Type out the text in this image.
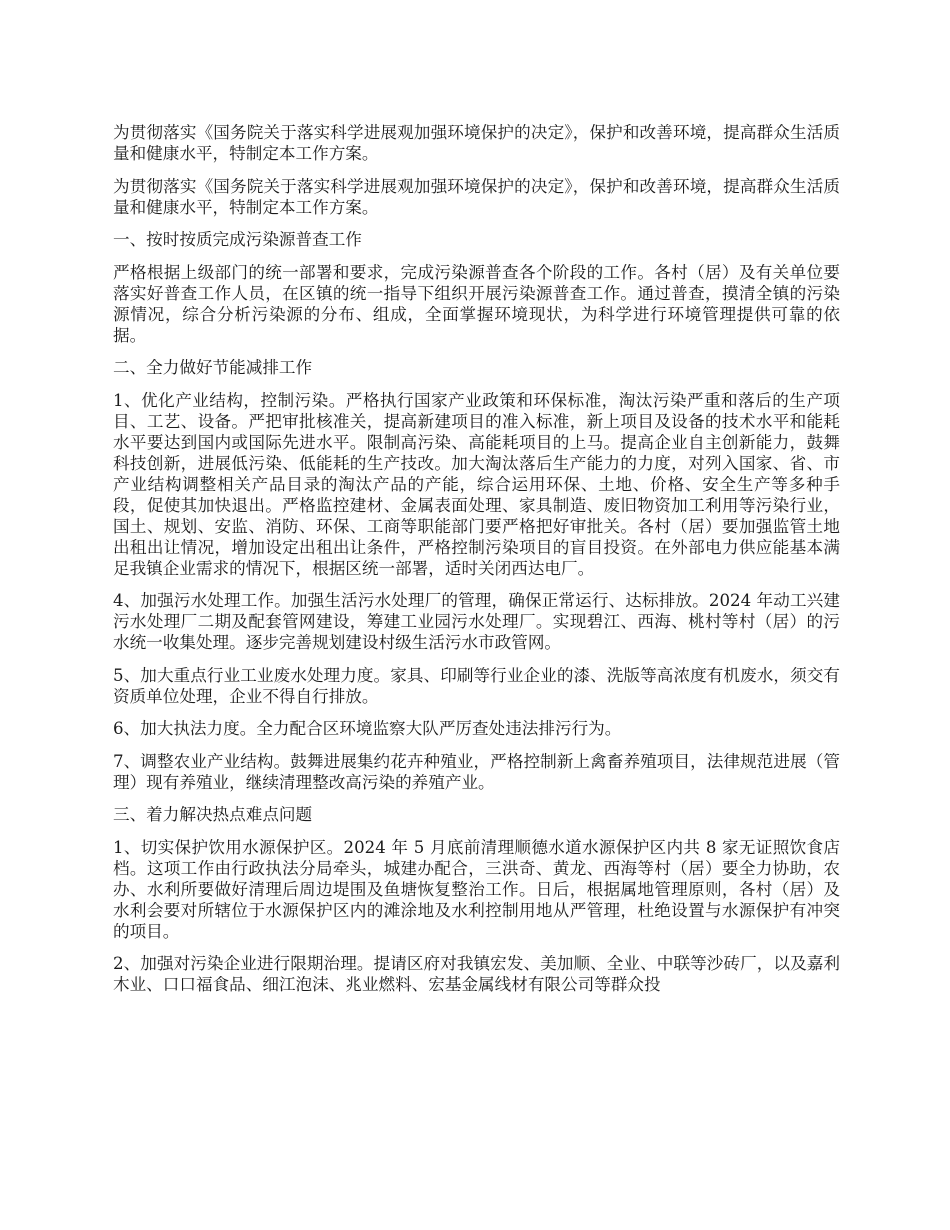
为贯彻落实《国务院关于落实科学进展观加强环境保护的决定》，保护和改善环境，提高群众生活质量和健康水平，特制定本工作方案。

为贯彻落实《国务院关于落实科学进展观加强环境保护的决定》，保护和改善环境，提高群众生活质量和健康水平，特制定本工作方案。

一、按时按质完成污染源普查工作

严格根据上级部门的统一部署和要求，完成污染源普查各个阶段的工作。各村（居）及有关单位要落实好普查工作人员，在区镇的统一指导下组织开展污染源普查工作。通过普查，摸清全镇的污染源情况，综合分析污染源的分布、组成，全面掌握环境现状，为科学进行环境管理提供可靠的依据。

二、全力做好节能减排工作

1、优化产业结构，控制污染。严格执行国家产业政策和环保标准，淘汰污染严重和落后的生产项目、工艺、设备。严把审批核准关，提高新建项目的准入标准，新上项目及设备的技术水平和能耗水平要达到国内或国际先进水平。限制高污染、高能耗项目的上马。提高企业自主创新能力，鼓舞科技创新，进展低污染、低能耗的生产技改。加大淘汰落后生产能力的力度，对列入国家、省、市产业结构调整相关产品目录的淘汰产品的产能，综合运用环保、土地、价格、安全生产等多种手段，促使其加快退出。严格监控建材、金属表面处理、家具制造、废旧物资加工利用等污染行业，国土、规划、安监、消防、环保、工商等职能部门要严格把好审批关。各村（居）要加强监管土地出租出让情况，增加设定出租出让条件，严格控制污染项目的盲目投资。在外部电力供应能基本满足我镇企业需求的情况下，根据区统一部署，适时关闭西达电厂。

4、加强污水处理工作。加强生活污水处理厂的管理，确保正常运行、达标排放。2024 年动工兴建污水处理厂二期及配套管网建设，筹建工业园污水处理厂。实现碧江、西海、桃村等村（居）的污水统一收集处理。逐步完善规划建设村级生活污水市政管网。

5、加大重点行业工业废水处理力度。家具、印刷等行业企业的漆、洗版等高浓度有机废水，须交有资质单位处理，企业不得自行排放。

6、加大执法力度。全力配合区环境监察大队严厉查处违法排污行为。

7、调整农业产业结构。鼓舞进展集约花卉种殖业，严格控制新上禽畜养殖项目，法律规范进展（管理）现有养殖业，继续清理整改高污染的养殖产业。

三、着力解决热点难点问题

1、切实保护饮用水源保护区。2024 年 5 月底前清理顺德水道水源保护区内共 8 家无证照饮食店档。这项工作由行政执法分局牵头，城建办配合，三洪奇、黄龙、西海等村（居）要全力协助，农办、水利所要做好清理后周边堤围及鱼塘恢复整治工作。日后，根据属地管理原则，各村（居）及水利会要对所辖位于水源保护区内的滩涂地及水利控制用地从严管理，杜绝设置与水源保护有冲突的项目。

2、加强对污染企业进行限期治理。提请区府对我镇宏发、美加顺、全业、中联等沙砖厂，以及嘉利木业、口口福食品、细江泡沫、兆业燃料、宏基金属线材有限公司等群众投
